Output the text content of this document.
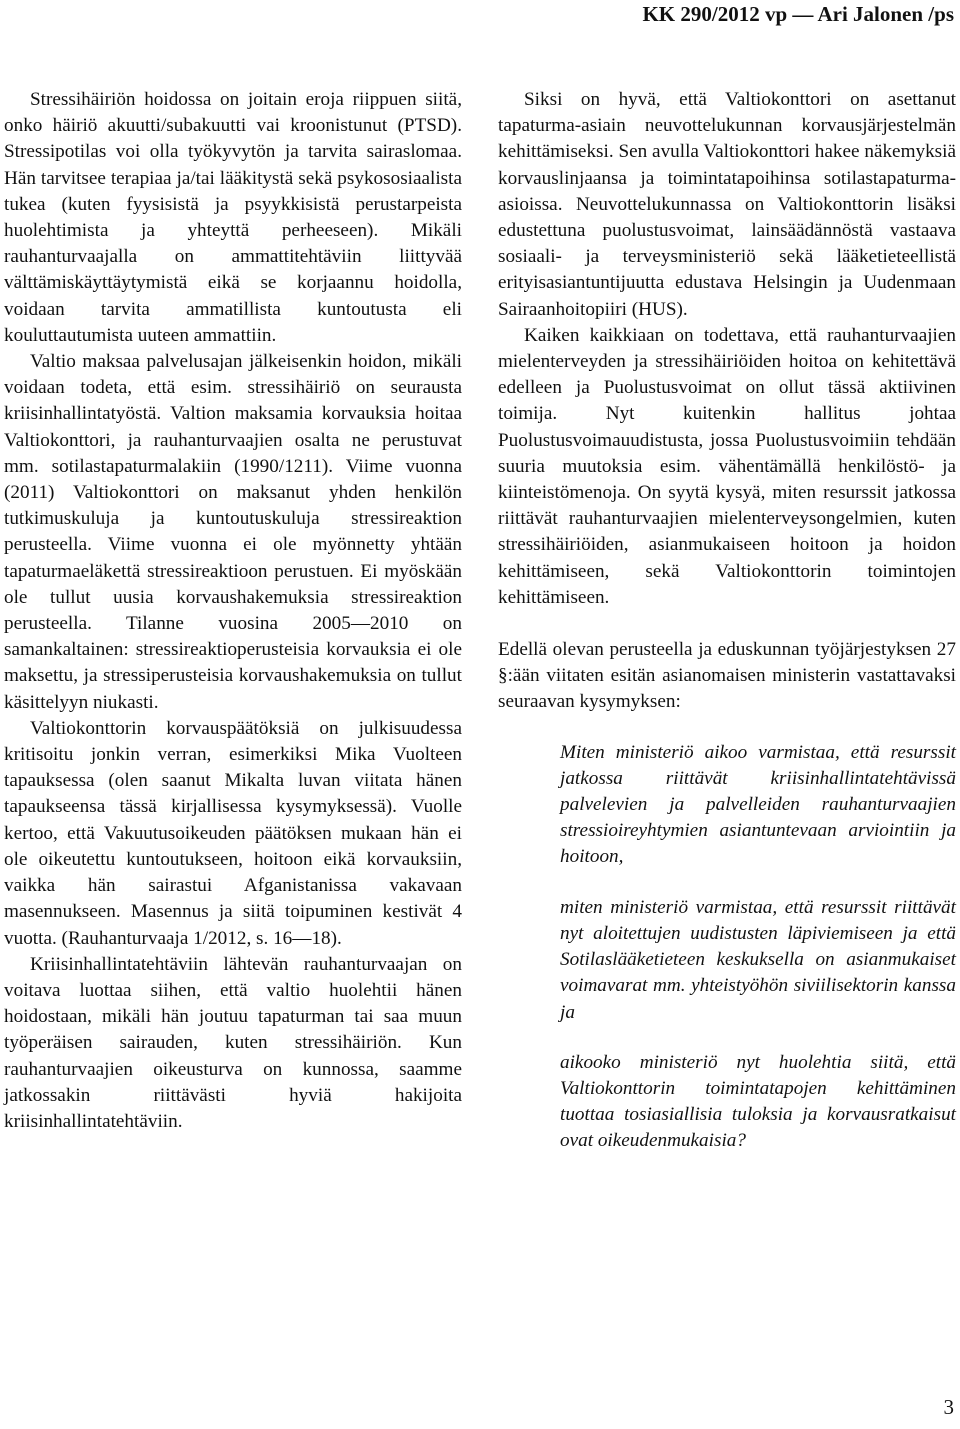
KK 290/2012 vp — Ari Jalonen /ps

Stressihäiriön hoidossa on joitain eroja riippuen siitä, onko häiriö akuutti/subakuutti vai kroonistunut (PTSD). Stressipotilas voi olla työkyvytön ja tarvita sairaslomaa. Hän tarvitsee terapiaa ja/tai lääkitystä sekä psykososiaalista tukea (kuten fyysisistä ja psyykkisistä perustarpeista huolehtimista ja yhteyttä perheeseen). Mikäli rauhanturvaajalla on ammattitehtäviin liittyvää välttämiskäyttäytymistä eikä se korjaannu hoidolla, voidaan tarvita ammatillista kuntoutusta eli kouluttautumista uuteen ammattiin.

Valtio maksaa palvelusajan jälkeisenkin hoidon, mikäli voidaan todeta, että esim. stressihäiriö on seurausta kriisinhallintatyöstä. Valtion maksamia korvauksia hoitaa Valtiokonttori, ja rauhanturvaajien osalta ne perustuvat mm. sotilastapaturmalakiin (1990/1211). Viime vuonna (2011) Valtiokonttori on maksanut yhden henkilön tutkimuskuluja ja kuntoutuskuluja stressireaktion perusteella. Viime vuonna ei ole myönnetty yhtään tapaturmaeläkettä stressireaktioon perustuen. Ei myöskään ole tullut uusia korvaushakemuksia stressireaktion perusteella. Tilanne vuosina 2005—2010 on samankaltainen: stressireaktioperusteisia korvauksia ei ole maksettu, ja stressiperusteisia korvaushakemuksia on tullut käsittelyyn niukasti.

Valtiokonttorin korvauspäätöksiä on julkisuudessa kritisoitu jonkin verran, esimerkiksi Mika Vuolteen tapauksessa (olen saanut Mikalta luvan viitata hänen tapaukseensa tässä kirjallisessa kysymyksessä). Vuolle kertoo, että Vakuutusoikeuden päätöksen mukaan hän ei ole oikeutettu kuntoutukseen, hoitoon eikä korvauksiin, vaikka hän sairastui Afganistanissa vakavaan masennukseen. Masennus ja siitä toipuminen kestivät 4 vuotta. (Rauhanturvaaja 1/2012, s. 16—18).

Kriisinhallintatehtäviin lähtevän rauhanturvaajan on voitava luottaa siihen, että valtio huolehtii hänen hoidostaan, mikäli hän joutuu tapaturman tai saa muun työperäisen sairauden, kuten stressihäiriön. Kun rauhanturvaajien oikeusturva on kunnossa, saamme jatkossakin riittävästi hyviä hakijoita kriisinhallintatehtäviin.

Siksi on hyvä, että Valtiokonttori on asettanut tapaturma-asiain neuvottelukunnan korvausjärjestelmän kehittämiseksi. Sen avulla Valtiokonttori hakee näkemyksiä korvauslinjaansa ja toimintatapoihinsa sotilastapaturma-asioissa. Neuvottelukunnassa on Valtiokonttorin lisäksi edustettuna puolustusvoimat, lainsäädännöstä vastaava sosiaali- ja terveysministeriö sekä lääketieteellistä erityisasiantuntijuutta edustava Helsingin ja Uudenmaan Sairaanhoitopiiri (HUS).

Kaiken kaikkiaan on todettava, että rauhanturvaajien mielenterveyden ja stressihäiriöiden hoitoa on kehitettävä edelleen ja Puolustusvoimat on ollut tässä aktiivinen toimija. Nyt kuitenkin hallitus johtaa Puolustusvoimauudistusta, jossa Puolustusvoimiin tehdään suuria muutoksia esim. vähentämällä henkilöstö- ja kiinteistömenoja. On syytä kysyä, miten resurssit jatkossa riittävät rauhanturvaajien mielenterveysongelmien, kuten stressihäiriöiden, asianmukaiseen hoitoon ja hoidon kehittämiseen, sekä Valtiokonttorin toimintojen kehittämiseen.

Edellä olevan perusteella ja eduskunnan työjärjestyksen 27 §:ään viitaten esitän asianomaisen ministerin vastattavaksi seuraavan kysymyksen:

Miten ministeriö aikoo varmistaa, että resurssit jatkossa riittävät kriisinhallintatehtävissä palvelevien ja palvelleiden rauhanturvaajien stressioireyhtymien asiantuntevaan arviointiin ja hoitoon,

miten ministeriö varmistaa, että resurssit riittävät nyt aloitettujen uudistusten läpiviemiseen ja että Sotilaslääketieteen keskuksella on asianmukaiset voimavarat mm. yhteistyöhön siviilisektorin kanssa ja

aikooko ministeriö nyt huolehtia siitä, että Valtiokonttorin toimintatapojen kehittäminen tuottaa tosiasiallisia tuloksia ja korvausratkaisut ovat oikeudenmukaisia?

3
